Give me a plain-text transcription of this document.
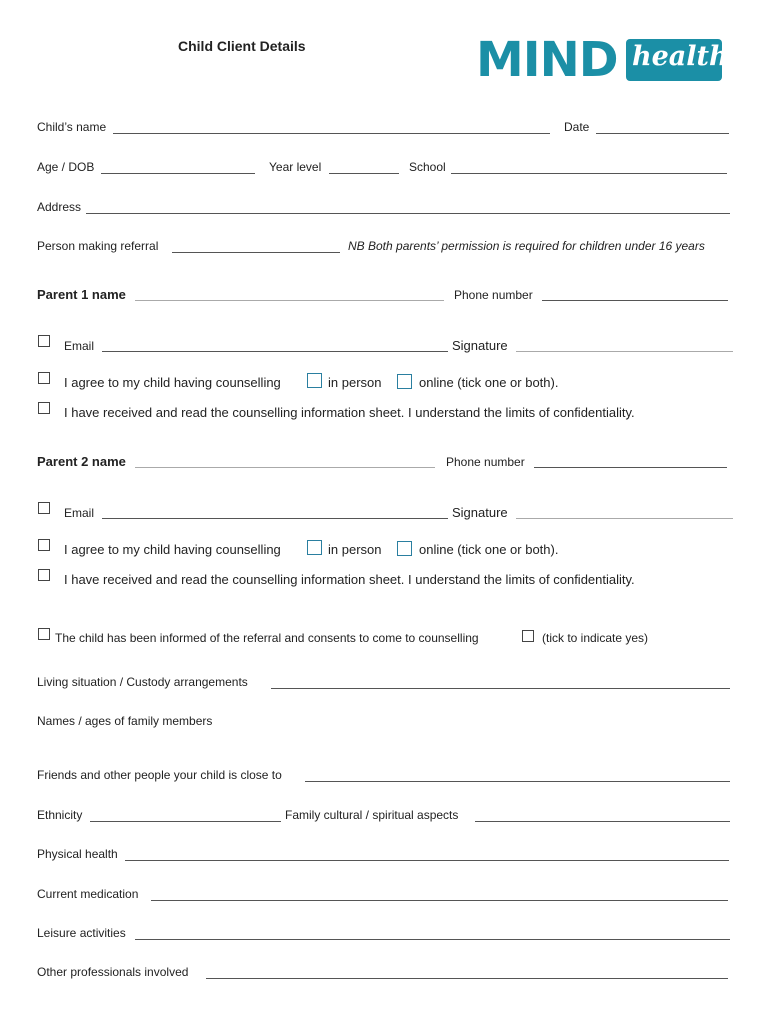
Child Client Details	MIND health
Child’s name	Date
Age / DOB	Year level	School
Address
Person making referral	NB Both parents’ permission is required for children under 16 years
Parent 1 name	Phone number
Email	Signature
I agree to my child having counselling	in person	online (tick one or both).
I have received and read the counselling information sheet. I understand the limits of confidentiality.
Parent 2 name	Phone number
Email	Signature
I agree to my child having counselling	in person	online (tick one or both).
I have received and read the counselling information sheet. I understand the limits of confidentiality.
The child has been informed of the referral and consents to come to counselling	(tick to indicate yes)
Living situation / Custody arrangements
Names / ages of family members
Friends and other people your child is close to
Ethnicity	Family cultural / spiritual aspects
Physical health
Current medication
Leisure activities
Other professionals involved
